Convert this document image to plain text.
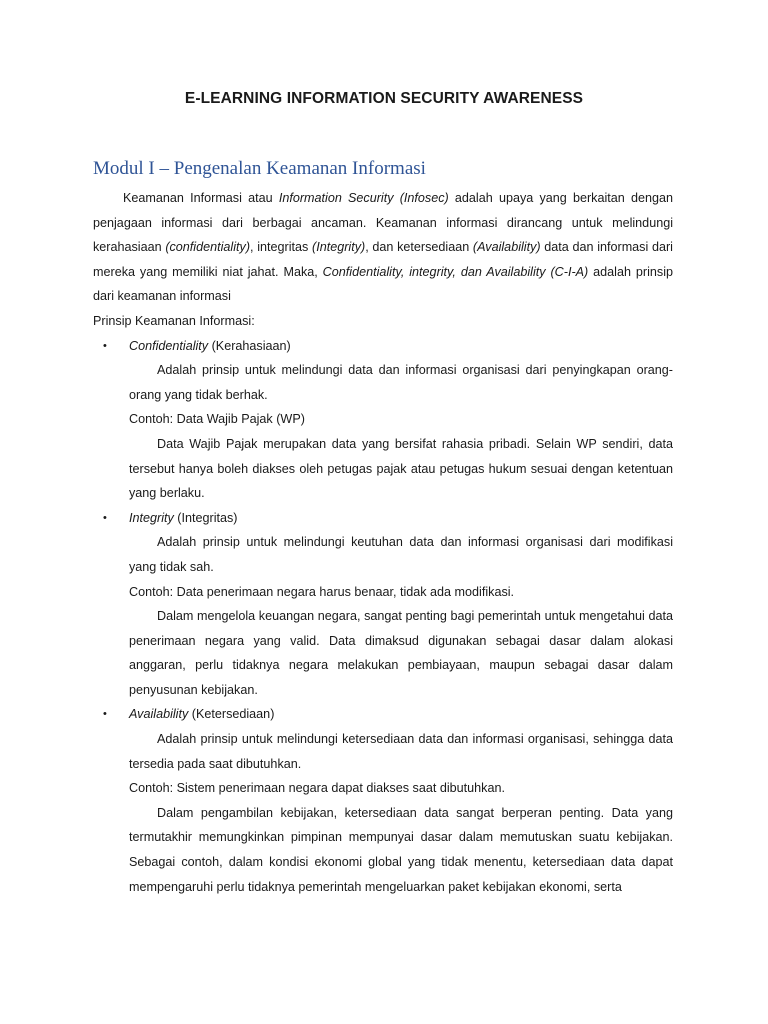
E-LEARNING INFORMATION SECURITY AWARENESS
Modul I – Pengenalan Keamanan Informasi

Keamanan Informasi atau Information Security (Infosec) adalah upaya yang berkaitan dengan penjagaan informasi dari berbagai ancaman. Keamanan informasi dirancang untuk melindungi kerahasiaan (confidentiality), integritas (Integrity), dan ketersediaan (Availability) data dan informasi dari mereka yang memiliki niat jahat. Maka, Confidentiality, integrity, dan Availability (C-I-A) adalah prinsip dari keamanan informasi

Prinsip Keamanan Informasi:

• Confidentiality (Kerahasiaan)

Adalah prinsip untuk melindungi data dan informasi organisasi dari penyingkapan orang-orang yang tidak berhak.

Contoh: Data Wajib Pajak (WP)

Data Wajib Pajak merupakan data yang bersifat rahasia pribadi. Selain WP sendiri, data tersebut hanya boleh diakses oleh petugas pajak atau petugas hukum sesuai dengan ketentuan yang berlaku.

• Integrity (Integritas)

Adalah prinsip untuk melindungi keutuhan data dan informasi organisasi dari modifikasi yang tidak sah.

Contoh: Data penerimaan negara harus benaar, tidak ada modifikasi.

Dalam mengelola keuangan negara, sangat penting bagi pemerintah untuk mengetahui data penerimaan negara yang valid. Data dimaksud digunakan sebagai dasar dalam alokasi anggaran, perlu tidaknya negara melakukan pembiayaan, maupun sebagai dasar dalam penyusunan kebijakan.

• Availability (Ketersediaan)

Adalah prinsip untuk melindungi ketersediaan data dan informasi organisasi, sehingga data tersedia pada saat dibutuhkan.

Contoh: Sistem penerimaan negara dapat diakses saat dibutuhkan.

Dalam pengambilan kebijakan, ketersediaan data sangat berperan penting. Data yang termutakhir memungkinkan pimpinan mempunyai dasar dalam memutuskan suatu kebijakan. Sebagai contoh, dalam kondisi ekonomi global yang tidak menentu, ketersediaan data dapat mempengaruhi perlu tidaknya pemerintah mengeluarkan paket kebijakan ekonomi, serta
